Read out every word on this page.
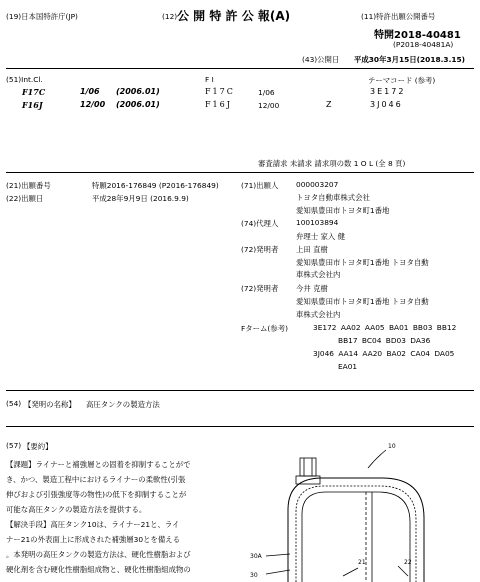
(19)日本国特許庁(JP)	(12) 公 開 特 許 公 報(A)	(11)特許出願公開番号
特開2018-40481
(P2018-40481A)
(43)公開日 平成30年3月15日(2018.3.15)
(51)Int.Cl.	F I	テーマコード (参考)
F17C	1/06 (2006.01)	F17C	1/06	3E172
F16J	12/00 (2006.01)	F16J	12/00	Z	3J046
審査請求 未請求 請求項の数 1 O L (全 8 頁)
(21)出願番号	特願2016-176849 (P2016-176849)
(22)出願日	平成28年9月9日 (2016.9.9)
(71)出願人 000003207
トヨタ自動車株式会社
愛知県豊田市トヨタ町1番地
(74)代理人 100103894
弁理士 家入 健
(72)発明者 上田 直樹
愛知県豊田市トヨタ町1番地 トヨタ自動
車株式会社内
(72)発明者 今井 克樹
愛知県豊田市トヨタ町1番地 トヨタ自動
車株式会社内
Fターム(参考)	3E172 AA02 AA05 BA01 BB03 BB12
BB17 BC04 BD03 DA36
3J046 AA14 AA20 BA02 CA04 DA05
EA01
(54) 【発明の名称】 高圧タンクの製造方法
(57) 【要約】
【課題】ライナーと補強層との固着を抑制することがで
き、かつ、製造工程中におけるライナーの柔軟性(引張
伸びおよび引張強度等の物性)の低下を抑制することが
可能な高圧タンクの製造方法を提供する。
【解決手段】高圧タンク10は、ライナー21と、ライ
ナー21の外表面上に形成された補強層30とを備える
。本発明の高圧タンクの製造方法は、硬化性樹脂および
硬化剤を含む硬化性樹脂組成物と、硬化性樹脂組成物の
10
21
30A
30
22
